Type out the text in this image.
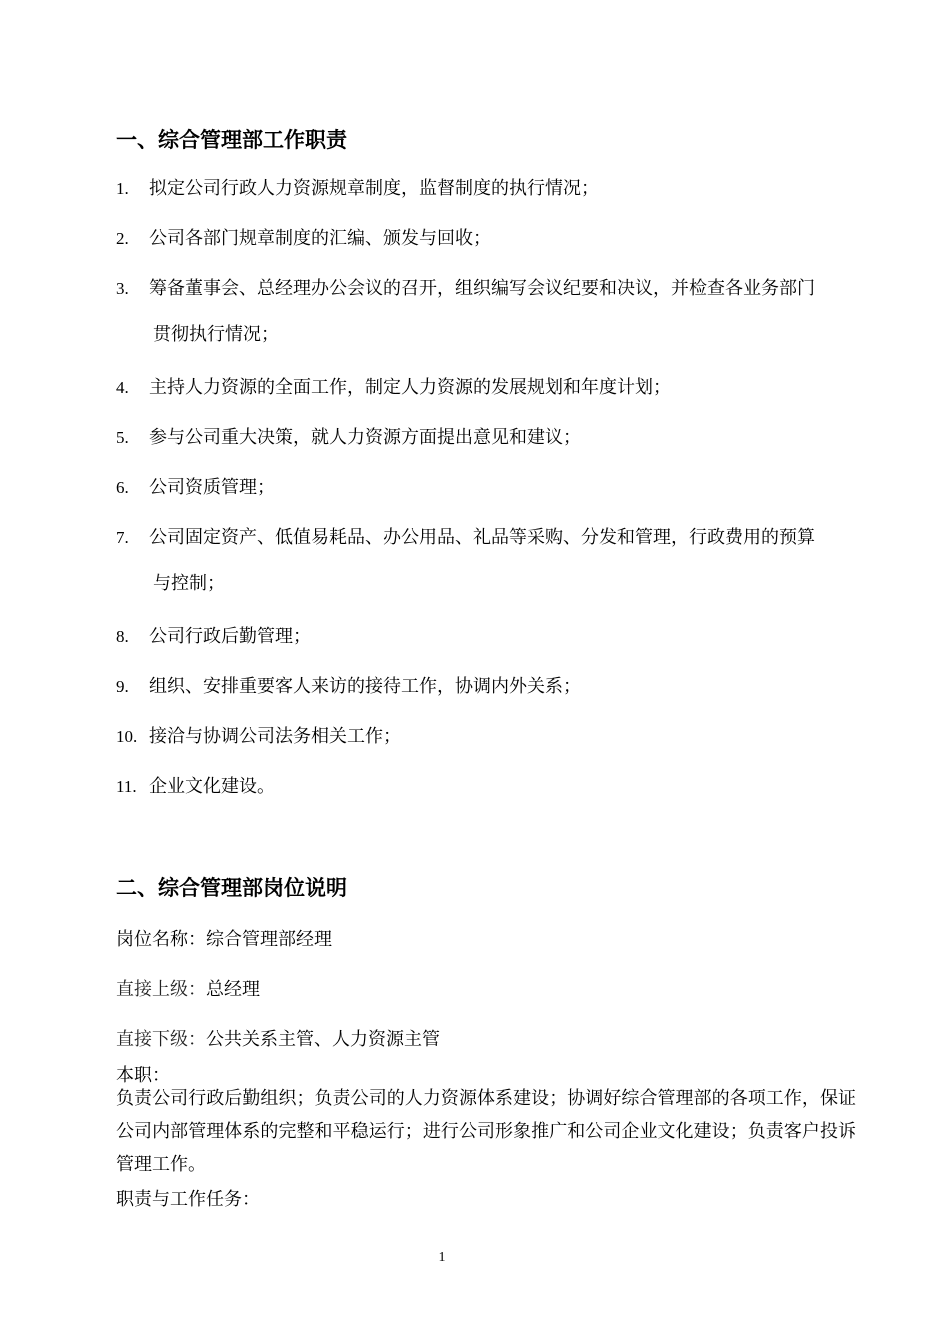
一、综合管理部工作职责
1. 拟定公司行政人力资源规章制度，监督制度的执行情况；
2. 公司各部门规章制度的汇编、颁发与回收；
3. 筹备董事会、总经理办公会议的召开，组织编写会议纪要和决议，并检查各业务部门
贯彻执行情况；
4. 主持人力资源的全面工作，制定人力资源的发展规划和年度计划；
5. 参与公司重大决策，就人力资源方面提出意见和建议；
6. 公司资质管理；
7. 公司固定资产、低值易耗品、办公用品、礼品等采购、分发和管理，行政费用的预算
与控制；
8. 公司行政后勤管理；
9. 组织、安排重要客人来访的接待工作，协调内外关系；
10. 接洽与协调公司法务相关工作；
11. 企业文化建设。
二、综合管理部岗位说明
岗位名称：综合管理部经理
直接上级：总经理
直接下级：公共关系主管、人力资源主管
本职：
负责公司行政后勤组织；负责公司的人力资源体系建设；协调好综合管理部的各项工作，保证公司内部管理体系的完整和平稳运行；进行公司形象推广和公司企业文化建设；负责客户投诉管理工作。
职责与工作任务：
1
